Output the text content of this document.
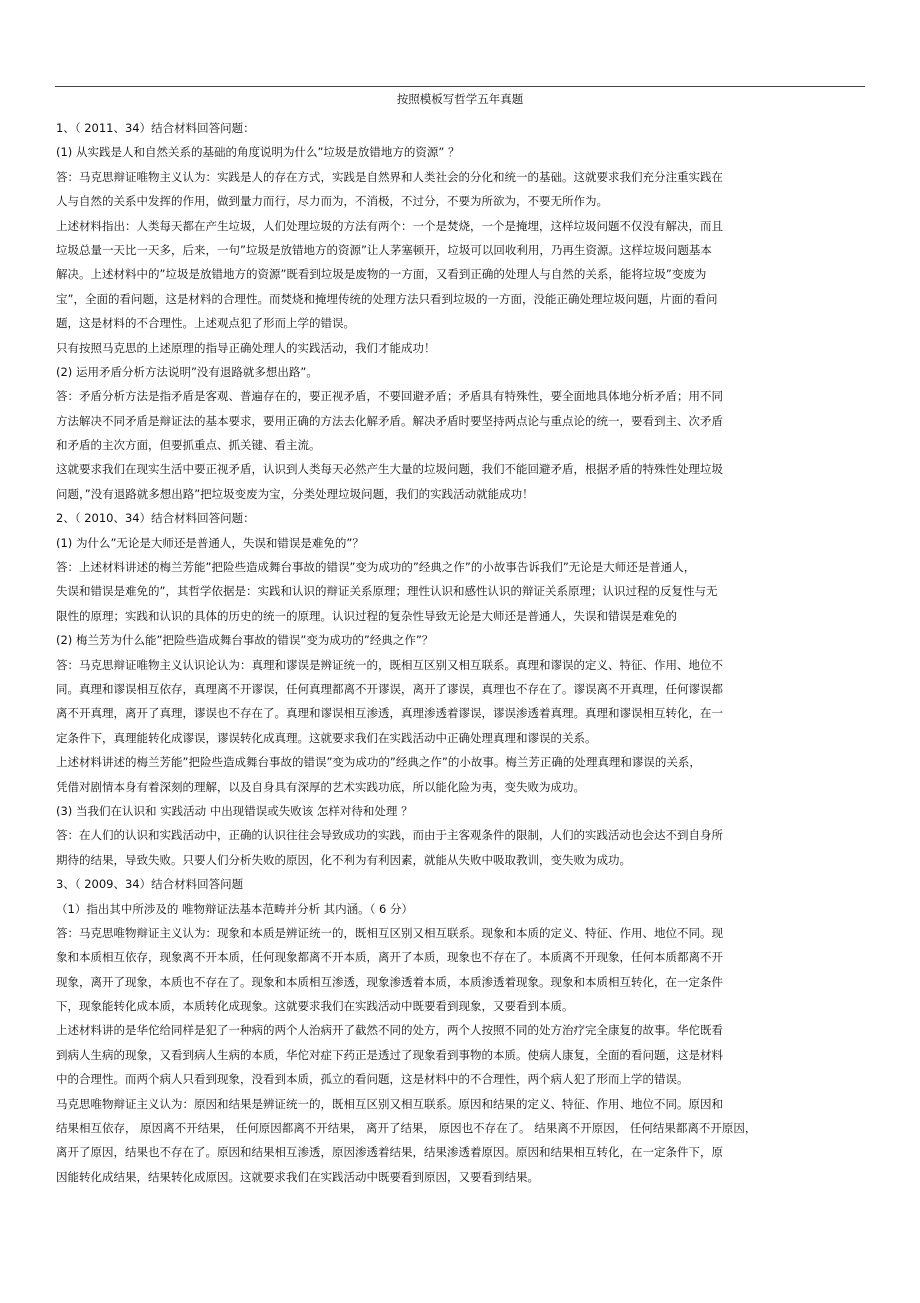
按照模板写哲学五年真题
1、（ 2011、34）结合材料回答问题：
(1) 从实践是人和自然关系的基础的角度说明为什么”垃圾是放错地方的资源” ？
答：马克思辩证唯物主义认为：实践是人的存在方式，实践是自然界和人类社会的分化和统一的基础。这就要求我们充分注重实践在
人与自然的关系中发挥的作用，做到量力而行，尽力而为，不消极，不过分，不要为所欲为，不要无所作为。
上述材料指出：人类每天都在产生垃圾，人们处理垃圾的方法有两个：一个是焚烧，一个是掩埋，这样垃圾问题不仅没有解决，而且
垃圾总量一天比一天多，后来，一句”垃圾是放错地方的资源”让人茅塞顿开，垃圾可以回收利用，乃再生资源。这样垃圾问题基本
解决。上述材料中的”垃圾是放错地方的资源”既看到垃圾是废物的一方面，又看到正确的处理人与自然的关系，能将垃圾”变废为
宝”，全面的看问题，这是材料的合理性。而焚烧和掩埋传统的处理方法只看到垃圾的一方面，没能正确处理垃圾问题，片面的看问
题，这是材料的不合理性。上述观点犯了形而上学的错误。
只有按照马克思的上述原理的指导正确处理人的实践活动，我们才能成功！
(2) 运用矛盾分析方法说明”没有退路就多想出路”。
答：矛盾分析方法是指矛盾是客观、普遍存在的，要正视矛盾，不要回避矛盾；矛盾具有特殊性，要全面地具体地分析矛盾；用不同
方法解决不同矛盾是辩证法的基本要求，要用正确的方法去化解矛盾。解决矛盾时要坚持两点论与重点论的统一，要看到主、次矛盾
和矛盾的主次方面，但要抓重点、抓关键、看主流。
这就要求我们在现实生活中要正视矛盾，认识到人类每天必然产生大量的垃圾问题，我们不能回避矛盾，根据矛盾的特殊性处理垃圾
问题，”没有退路就多想出路”把垃圾变废为宝，分类处理垃圾问题，我们的实践活动就能成功！
2、（ 2010、34）结合材料回答问题：
(1) 为什么”无论是大师还是普通人，失误和错误是难免的”？
答：上述材料讲述的梅兰芳能”把险些造成舞台事故的错误”变为成功的”经典之作”的小故事告诉我们”无论是大师还是普通人，
失误和错误是难免的”，其哲学依据是：实践和认识的辩证关系原理；理性认识和感性认识的辩证关系原理；认识过程的反复性与无
限性的原理；实践和认识的具体的历史的统一的原理。认识过程的复杂性导致无论是大师还是普通人，失误和错误是难免的
(2) 梅兰芳为什么能”把险些造成舞台事故的错误”变为成功的”经典之作”？
答：马克思辩证唯物主义认识论认为：真理和谬误是辨证统一的，既相互区别又相互联系。真理和谬误的定义、特征、作用、地位不
同。真理和谬误相互依存，真理离不开谬误，任何真理都离不开谬误，离开了谬误，真理也不存在了。谬误离不开真理，任何谬误都
离不开真理，离开了真理，谬误也不存在了。真理和谬误相互渗透，真理渗透着谬误，谬误渗透着真理。真理和谬误相互转化，在一
定条件下，真理能转化成谬误，谬误转化成真理。这就要求我们在实践活动中正确处理真理和谬误的关系。
上述材料讲述的梅兰芳能”把险些造成舞台事故的错误”变为成功的”经典之作”的小故事。梅兰芳正确的处理真理和谬误的关系，
凭借对剧情本身有着深刻的理解，以及自身具有深厚的艺术实践功底，所以能化险为夷，变失败为成功。
(3) 当我们在认识和 实践活动 中出现错误或失败该 怎样对待和处理 ？
答：在人们的认识和实践活动中，正确的认识往往会导致成功的实践，而由于主客观条件的限制，人们的实践活动也会达不到自身所
期待的结果，导致失败。只要人们分析失败的原因，化不利为有利因素，就能从失败中吸取教训，变失败为成功。
3、（ 2009、34）结合材料回答问题
（1）指出其中所涉及的 唯物辩证法基本范畴并分析 其内涵。（ 6 分）
答：马克思唯物辩证主义认为：现象和本质是辨证统一的，既相互区别又相互联系。现象和本质的定义、特征、作用、地位不同。现
象和本质相互依存，现象离不开本质，任何现象都离不开本质，离开了本质，现象也不存在了。本质离不开现象，任何本质都离不开
现象，离开了现象，本质也不存在了。现象和本质相互渗透，现象渗透着本质，本质渗透着现象。现象和本质相互转化，在一定条件
下，现象能转化成本质，本质转化成现象。这就要求我们在实践活动中既要看到现象，又要看到本质。
上述材料讲的是华佗给同样是犯了一种病的两个人治病开了截然不同的处方，两个人按照不同的处方治疗完全康复的故事。华佗既看
到病人生病的现象，又看到病人生病的本质，华佗对症下药正是透过了现象看到事物的本质。使病人康复，全面的看问题，这是材料
中的合理性。而两个病人只看到现象，没看到本质，孤立的看问题，这是材料中的不合理性，两个病人犯了形而上学的错误。
马克思唯物辩证主义认为：原因和结果是辨证统一的，既相互区别又相互联系。原因和结果的定义、特征、作用、地位不同。原因和
结果相互依存， 原因离不开结果， 任何原因都离不开结果， 离开了结果， 原因也不存在了。 结果离不开原因， 任何结果都离不开原因，
离开了原因，结果也不存在了。原因和结果相互渗透，原因渗透着结果，结果渗透着原因。原因和结果相互转化，在一定条件下，原
因能转化成结果，结果转化成原因。这就要求我们在实践活动中既要看到原因，又要看到结果。
